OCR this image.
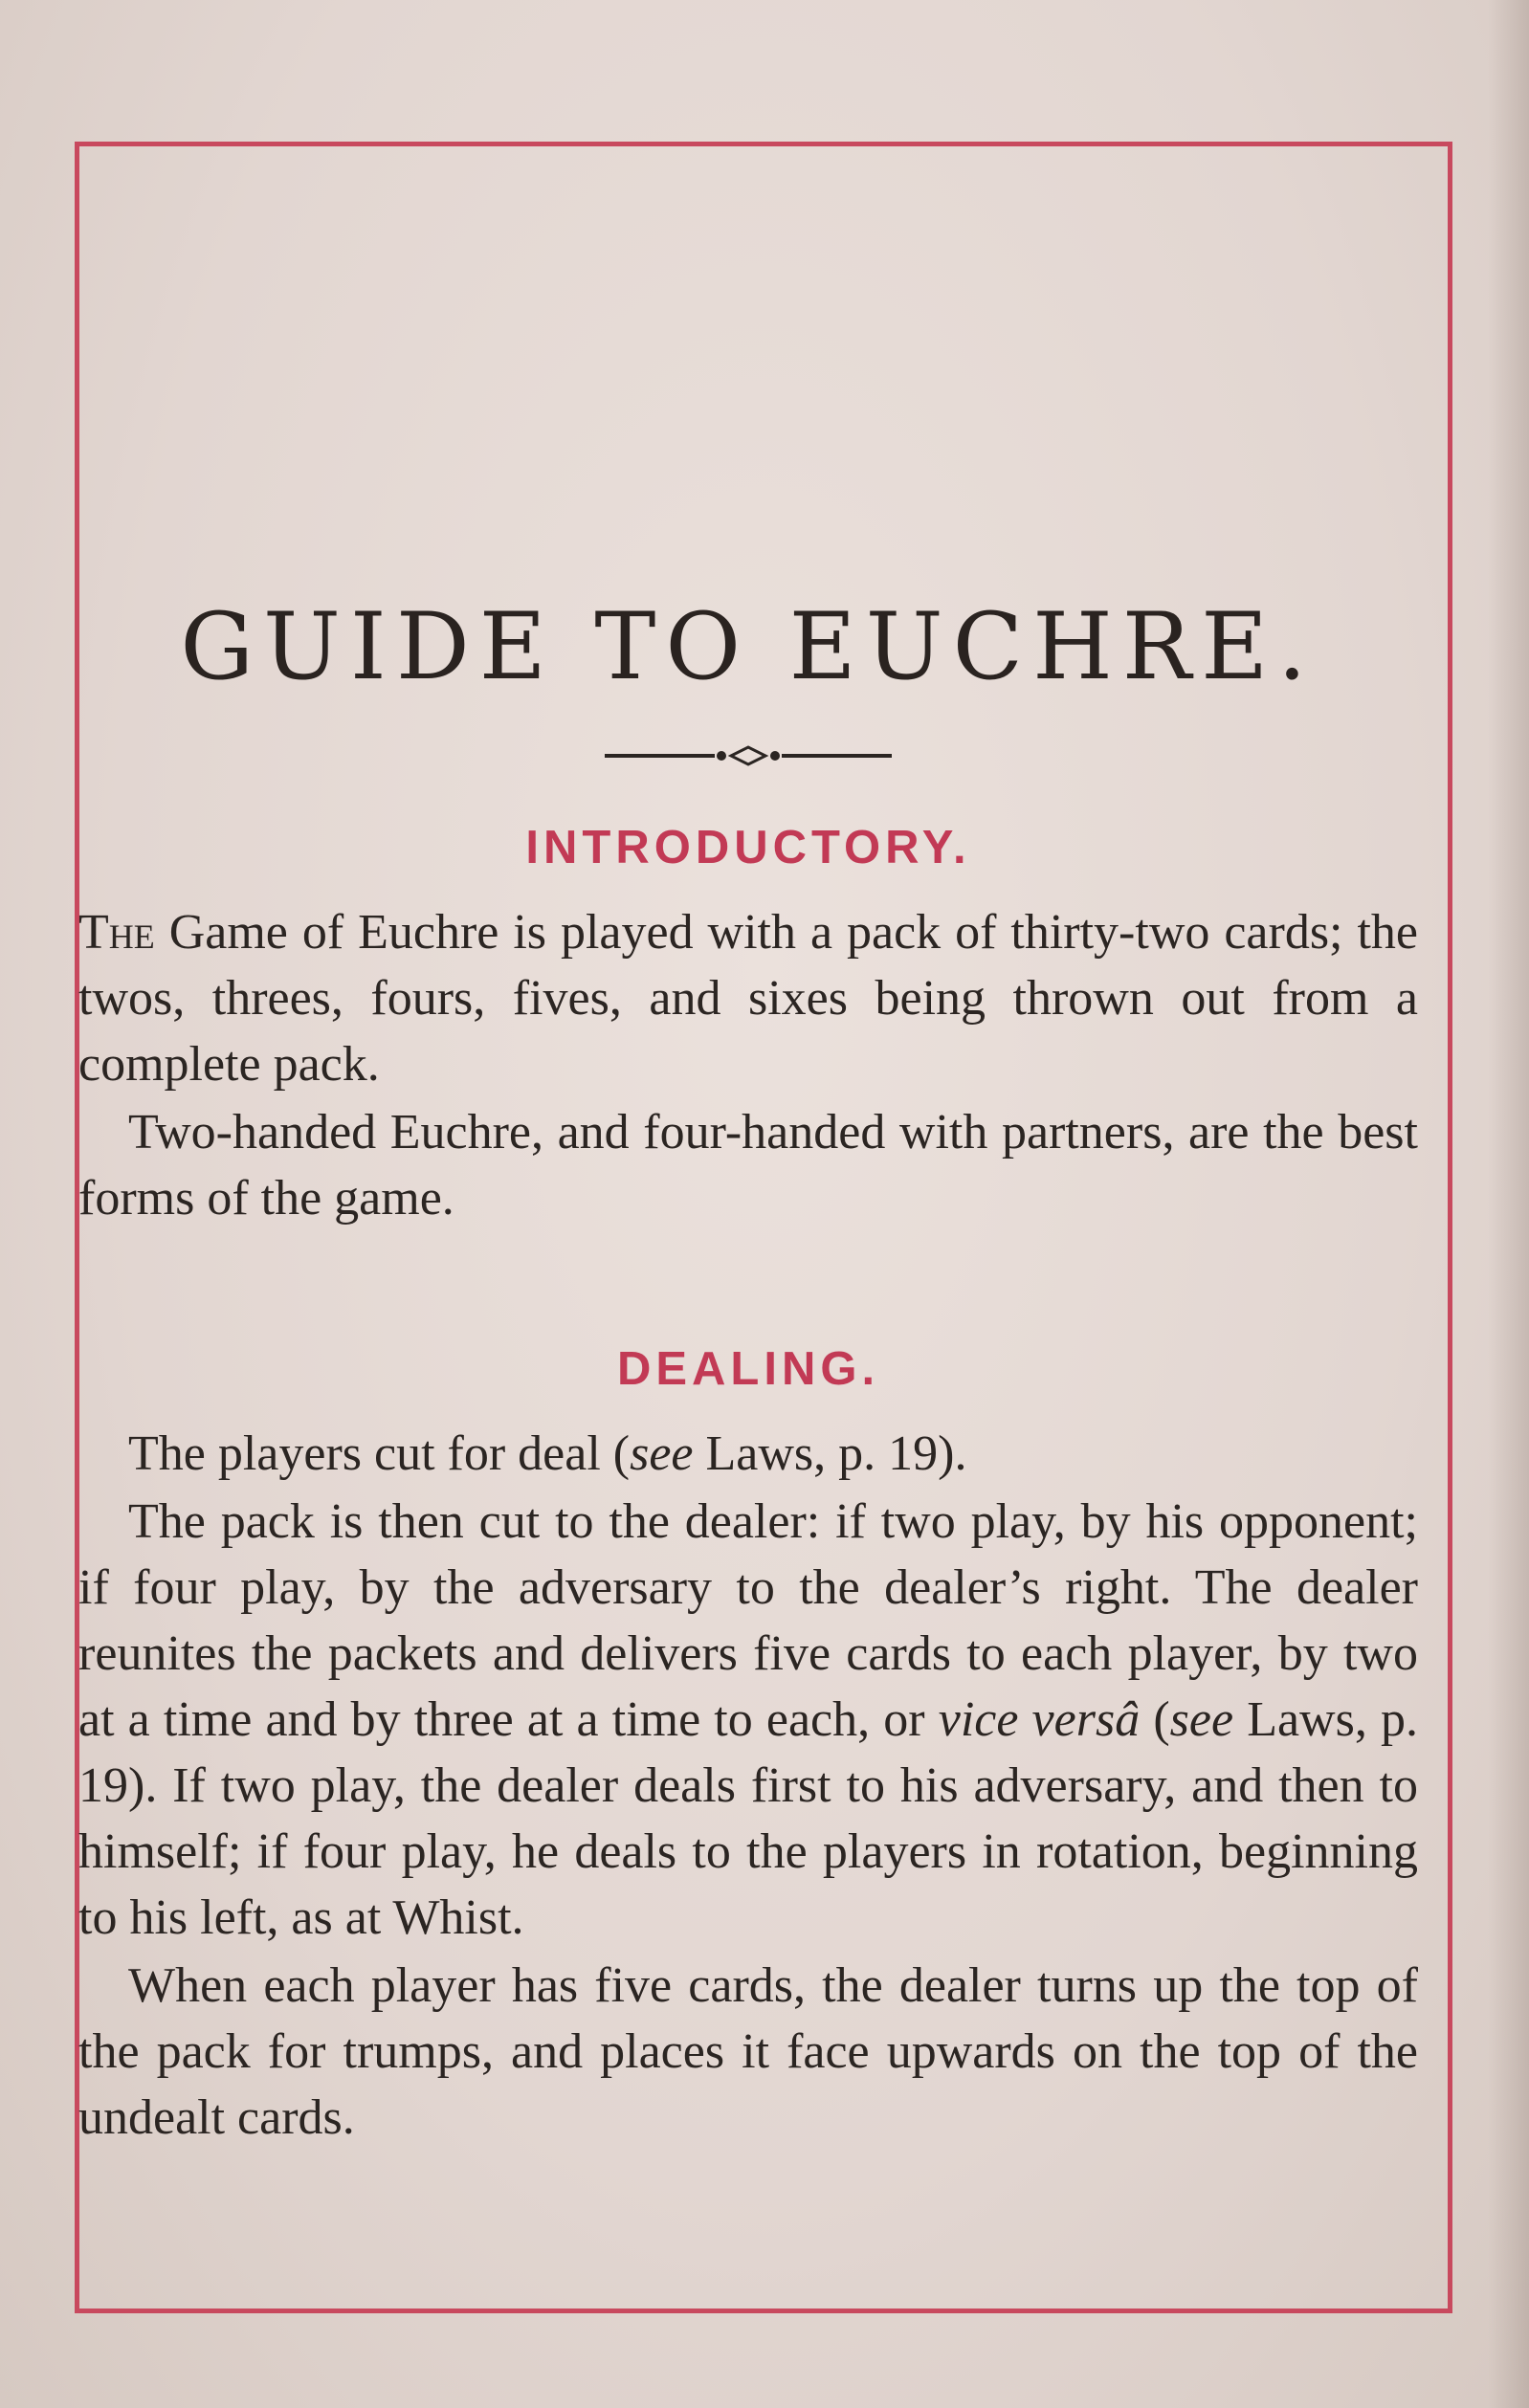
GUIDE TO EUCHRE.
INTRODUCTORY.

The Game of Euchre is played with a pack of thirty-two cards; the twos, threes, fours, fives, and sixes being thrown out from a complete pack.

Two-handed Euchre, and four-handed with partners, are the best forms of the game.

DEALING.

The players cut for deal (see Laws, p. 19).

The pack is then cut to the dealer: if two play, by his opponent; if four play, by the adversary to the dealer’s right. The dealer reunites the packets and delivers five cards to each player, by two at a time and by three at a time to each, or vice versâ (see Laws, p. 19). If two play, the dealer deals first to his adversary, and then to himself; if four play, he deals to the players in rotation, beginning to his left, as at Whist.

When each player has five cards, the dealer turns up the top of the pack for trumps, and places it face upwards on the top of the undealt cards.
